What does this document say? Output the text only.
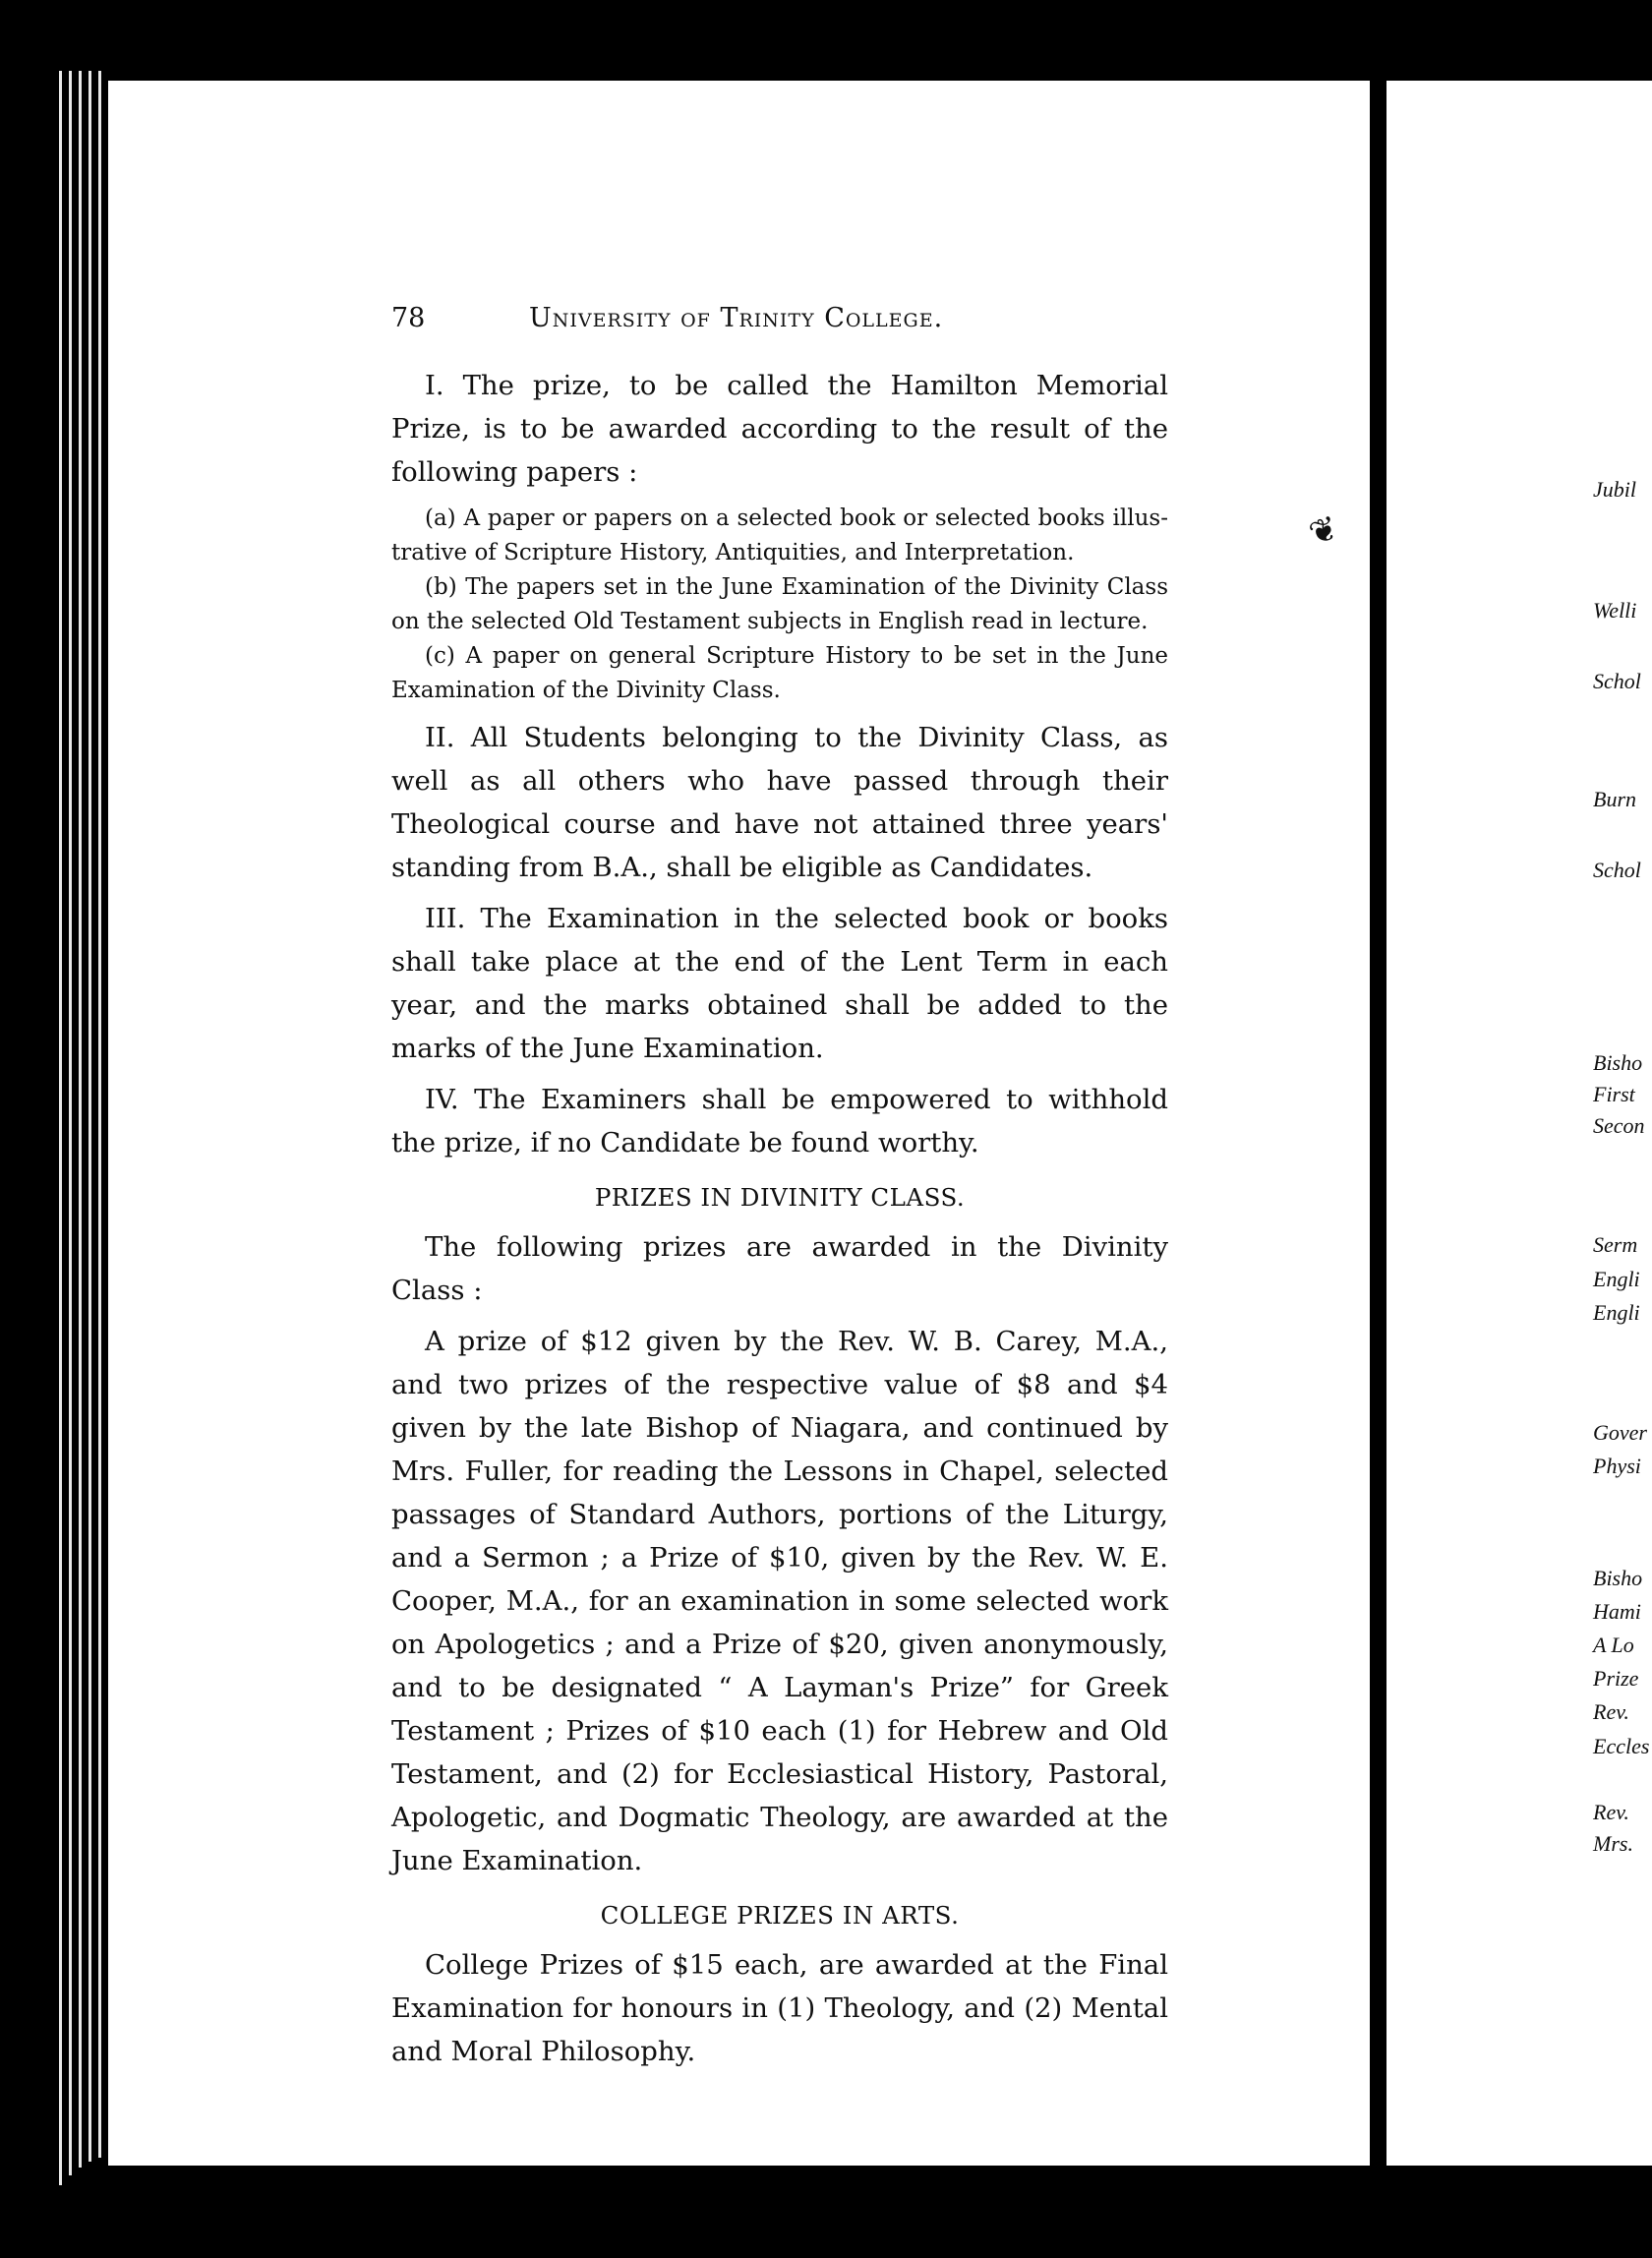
78	University of Trinity College.

I. The prize, to be called the Hamilton Memorial Prize, is to be awarded according to the result of the following papers :

(a) A paper or papers on a selected book or selected books illus-trative of Scripture History, Antiquities, and Interpretation.

(b) The papers set in the June Examination of the Divinity Class on the selected Old Testament subjects in English read in lecture.

(c) A paper on general Scripture History to be set in the June Examination of the Divinity Class.

II. All Students belonging to the Divinity Class, as well as all others who have passed through their Theological course and have not attained three years' standing from B.A., shall be eligible as Candidates.

III. The Examination in the selected book or books shall take place at the end of the Lent Term in each year, and the marks obtained shall be added to the marks of the June Examination.

IV. The Examiners shall be empowered to withhold the prize, if no Candidate be found worthy.

PRIZES IN DIVINITY CLASS.

The following prizes are awarded in the Divinity Class :

A prize of $12 given by the Rev. W. B. Carey, M.A., and two prizes of the respective value of $8 and $4 given by the late Bishop of Niagara, and continued by Mrs. Fuller, for reading the Lessons in Chapel, selected passages of Standard Authors, portions of the Liturgy, and a Sermon ; a Prize of $10, given by the Rev. W. E. Cooper, M.A., for an examination in some selected work on Apologetics ; and a Prize of $20, given anonymously, and to be designated “ A Layman's Prize” for Greek Testament ; Prizes of $10 each (1) for Hebrew and Old Testament, and (2) for Ecclesiastical History, Pastoral, Apologetic, and Dogmatic Theology, are awarded at the June Examination.

COLLEGE PRIZES IN ARTS.

College Prizes of $15 each, are awarded at the Final Examination for honours in (1) Theology, and (2) Mental and Moral Philosophy.

❦
Jubil
Welli
Schol
Burn
Schol
Bisho
First
Secon
Serm
Engli
Engli
Gover
Physi
Bisho
Hami
A Lo
Prize
Rev.
Eccles
Rev.
Mrs.
